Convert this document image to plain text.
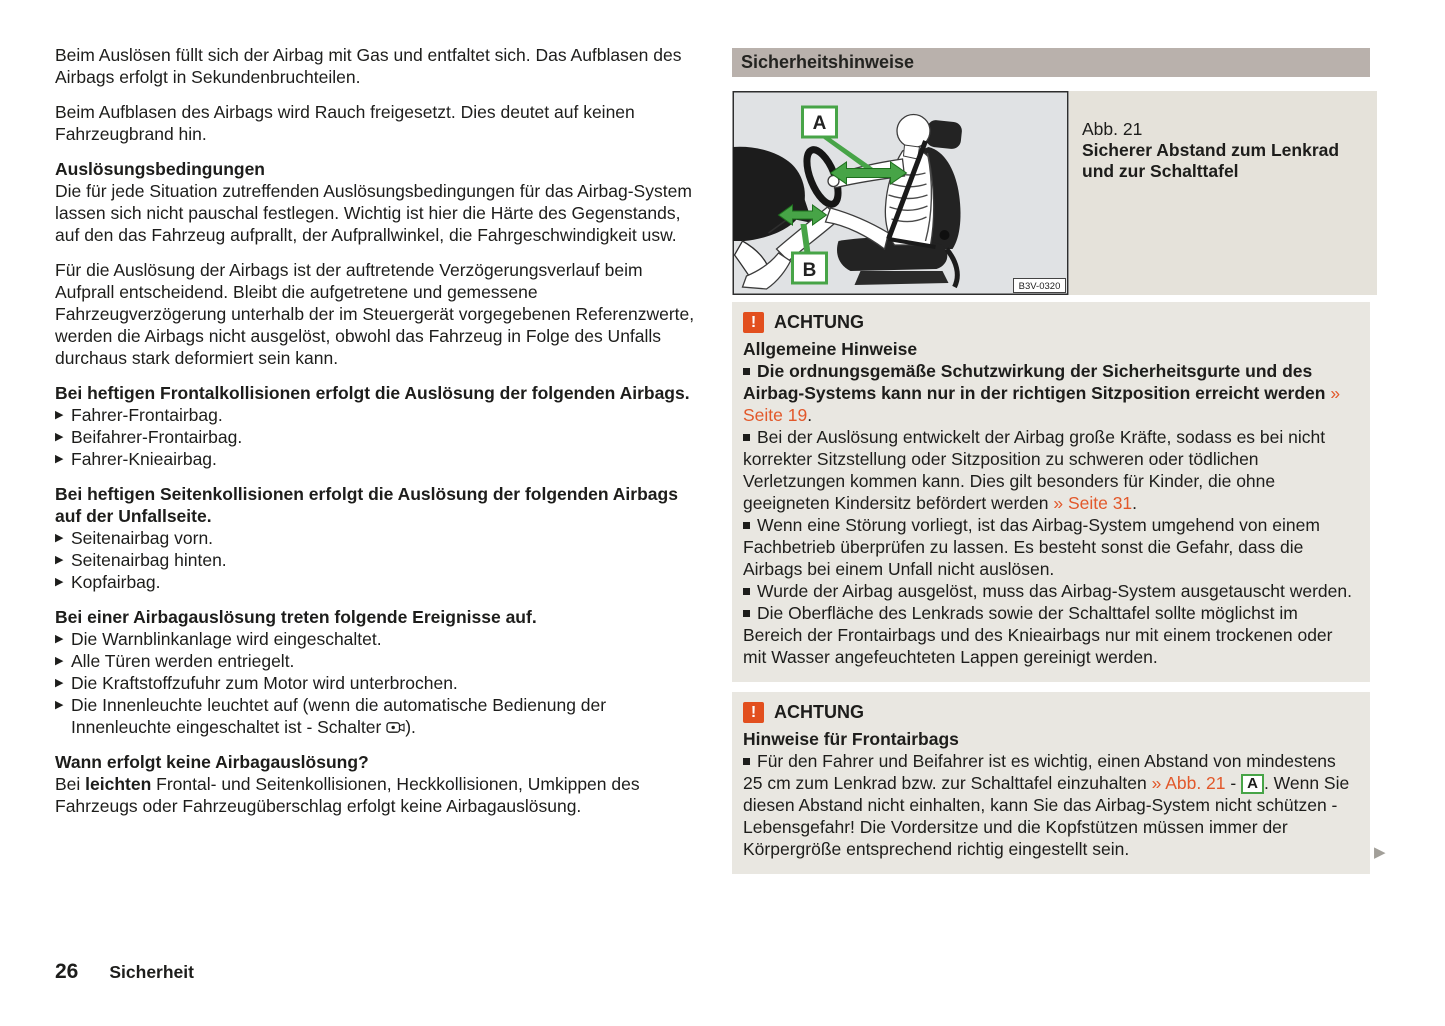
Beim Auslösen füllt sich der Airbag mit Gas und entfaltet sich. Das Aufblasen des Airbags erfolgt in Sekundenbruchteilen.
Beim Aufblasen des Airbags wird Rauch freigesetzt. Dies deutet auf keinen Fahrzeugbrand hin.
Auslösungsbedingungen
Die für jede Situation zutreffenden Auslösungsbedingungen für das Airbag-System lassen sich nicht pauschal festlegen. Wichtig ist hier die Härte des Gegenstands, auf den das Fahrzeug aufprallt, der Aufprallwinkel, die Fahrgeschwindigkeit usw.
Für die Auslösung der Airbags ist der auftretende Verzögerungsverlauf beim Aufprall entscheidend. Bleibt die aufgetretene und gemessene Fahrzeugverzögerung unterhalb der im Steuergerät vorgegebenen Referenzwerte, werden die Airbags nicht ausgelöst, obwohl das Fahrzeug in Folge des Unfalls durchaus stark deformiert sein kann.
Bei heftigen Frontalkollisionen erfolgt die Auslösung der folgenden Airbags.
▶ Fahrer-Frontairbag.
▶ Beifahrer-Frontairbag.
▶ Fahrer-Knieairbag.
Bei heftigen Seitenkollisionen erfolgt die Auslösung der folgenden Airbags auf der Unfallseite.
▶ Seitenairbag vorn.
▶ Seitenairbag hinten.
▶ Kopfairbag.
Bei einer Airbagauslösung treten folgende Ereignisse auf.
▶ Die Warnblinkanlage wird eingeschaltet.
▶ Alle Türen werden entriegelt.
▶ Die Kraftstoffzufuhr zum Motor wird unterbrochen.
▶ Die Innenleuchte leuchtet auf (wenn die automatische Bedienung der Innenleuchte eingeschaltet ist - Schalter ).
Wann erfolgt keine Airbagauslösung?
Bei leichten Frontal- und Seitenkollisionen, Heckkollisionen, Umkippen des Fahrzeugs oder Fahrzeugüberschlag erfolgt keine Airbagauslösung.
Sicherheitshinweise
A
B
B3V-0320
Abb. 21
Sicherer Abstand zum Lenkrad und zur Schalttafel
! ACHTUNG
Allgemeine Hinweise
Die ordnungsgemäße Schutzwirkung der Sicherheitsgurte und des Airbag-Systems kann nur in der richtigen Sitzposition erreicht werden » Seite 19.
Bei der Auslösung entwickelt der Airbag große Kräfte, sodass es bei nicht korrekter Sitzstellung oder Sitzposition zu schweren oder tödlichen Verletzungen kommen kann. Dies gilt besonders für Kinder, die ohne geeigneten Kindersitz befördert werden » Seite 31.
Wenn eine Störung vorliegt, ist das Airbag-System umgehend von einem Fachbetrieb überprüfen zu lassen. Es besteht sonst die Gefahr, dass die Airbags bei einem Unfall nicht auslösen.
Wurde der Airbag ausgelöst, muss das Airbag-System ausgetauscht werden.
Die Oberfläche des Lenkrads sowie der Schalttafel sollte möglichst im Bereich der Frontairbags und des Knieairbags nur mit einem trockenen oder mit Wasser angefeuchteten Lappen gereinigt werden.
! ACHTUNG
Hinweise für Frontairbags
Für den Fahrer und Beifahrer ist es wichtig, einen Abstand von mindestens 25 cm zum Lenkrad bzw. zur Schalttafel einzuhalten » Abb. 21 - A . Wenn Sie diesen Abstand nicht einhalten, kann Sie das Airbag-System nicht schützen - Lebensgefahr! Die Vordersitze und die Kopfstützen müssen immer der Körpergröße entsprechend richtig eingestellt sein.	▶
26 Sicherheit
